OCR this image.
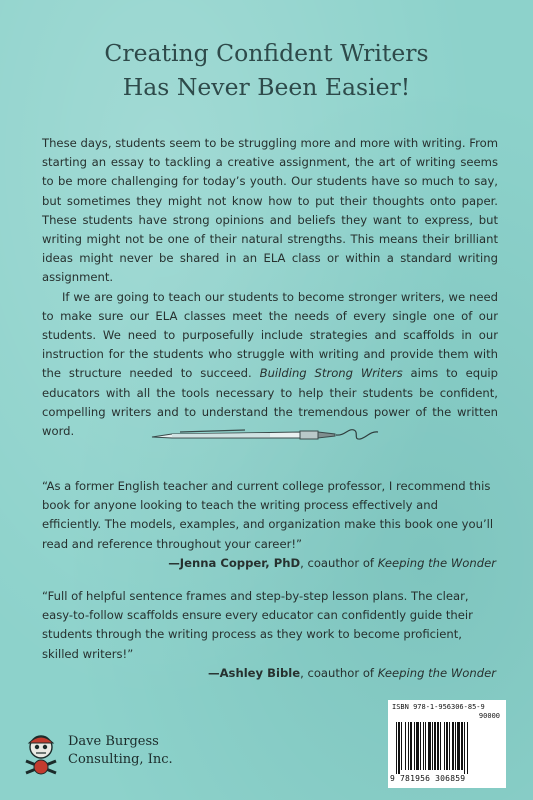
Creating Confident Writers
Has Never Been Easier!

These days, students seem to be struggling more and more with writing. From starting an essay to tackling a creative assignment, the art of writing seems to be more challenging for today’s youth. Our students have so much to say, but sometimes they might not know how to put their thoughts onto paper. These students have strong opinions and beliefs they want to express, but writing might not be one of their natural strengths. This means their brilliant ideas might never be shared in an ELA class or within a standard writing assignment.

If we are going to teach our students to become stronger writers, we need to make sure our ELA classes meet the needs of every single one of our students. We need to purposefully include strategies and scaffolds in our instruction for the students who struggle with writing and provide them with the structure needed to succeed. Building Strong Writers aims to equip educators with all the tools necessary to help their students be confident, compelling writers and to understand the tremendous power of the written word.

“As a former English teacher and current college professor, I recommend this book for anyone looking to teach the writing process effectively and efficiently. The models, examples, and organization make this book one you’ll read and reference throughout your career!”

—Jenna Copper, PhD, coauthor of Keeping the Wonder

“Full of helpful sentence frames and step-by-step lesson plans. The clear, easy-to-follow scaffolds ensure every educator can confidently guide their students through the writing process as they work to become proficient, skilled writers!”

—Ashley Bible, coauthor of Keeping the Wonder

Dave Burgess
Consulting, Inc.
ISBN 978-1-956306-85-9
90000
9 781956 306859
